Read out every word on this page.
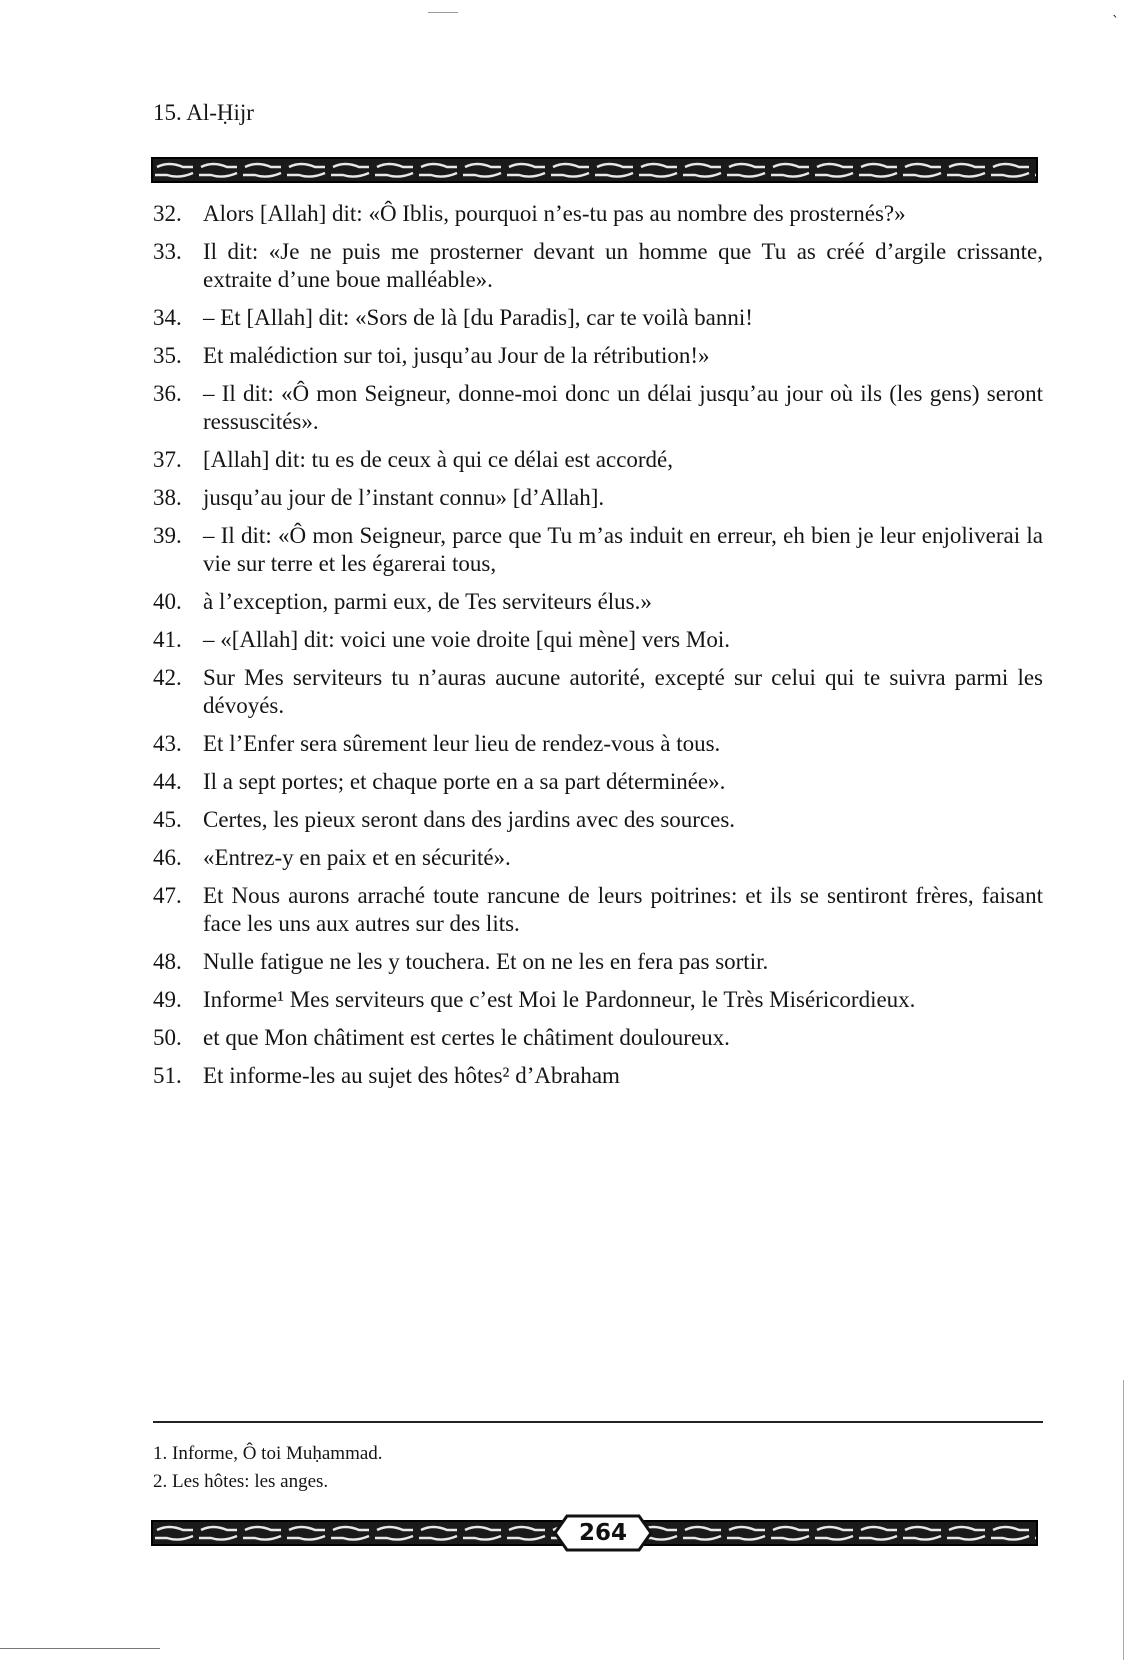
ˎ
15. Al-Ḥijr
32. Alors [Allah] dit: «Ô Iblis, pourquoi n’es-tu pas au nombre des prosternés?»
33. Il dit: «Je ne puis me prosterner devant un homme que Tu as créé d’argile crissante, extraite d’une boue malléable».
34. – Et [Allah] dit: «Sors de là [du Paradis], car te voilà banni!
35. Et malédiction sur toi, jusqu’au Jour de la rétribution!»
36. – Il dit: «Ô mon Seigneur, donne-moi donc un délai jusqu’au jour où ils (les gens) seront ressuscités».
37. [Allah] dit: tu es de ceux à qui ce délai est accordé,
38. jusqu’au jour de l’instant connu» [d’Allah].
39. – Il dit: «Ô mon Seigneur, parce que Tu m’as induit en erreur, eh bien je leur enjoliverai la vie sur terre et les égarerai tous,
40. à l’exception, parmi eux, de Tes serviteurs élus.»
41. – «[Allah] dit: voici une voie droite [qui mène] vers Moi.
42. Sur Mes serviteurs tu n’auras aucune autorité, excepté sur celui qui te suivra parmi les dévoyés.
43. Et l’Enfer sera sûrement leur lieu de rendez-vous à tous.
44. Il a sept portes; et chaque porte en a sa part déterminée».
45. Certes, les pieux seront dans des jardins avec des sources.
46. «Entrez-y en paix et en sécurité».
47. Et Nous aurons arraché toute rancune de leurs poitrines: et ils se sentiront frères, faisant face les uns aux autres sur des lits.
48. Nulle fatigue ne les y touchera. Et on ne les en fera pas sortir.
49. Informe¹ Mes serviteurs que c’est Moi le Pardonneur, le Très Miséricordieux.
50. et que Mon châtiment est certes le châtiment douloureux.
51. Et informe-les au sujet des hôtes² d’Abraham

1. Informe, Ô toi Muḥammad.

2. Les hôtes: les anges.

264
